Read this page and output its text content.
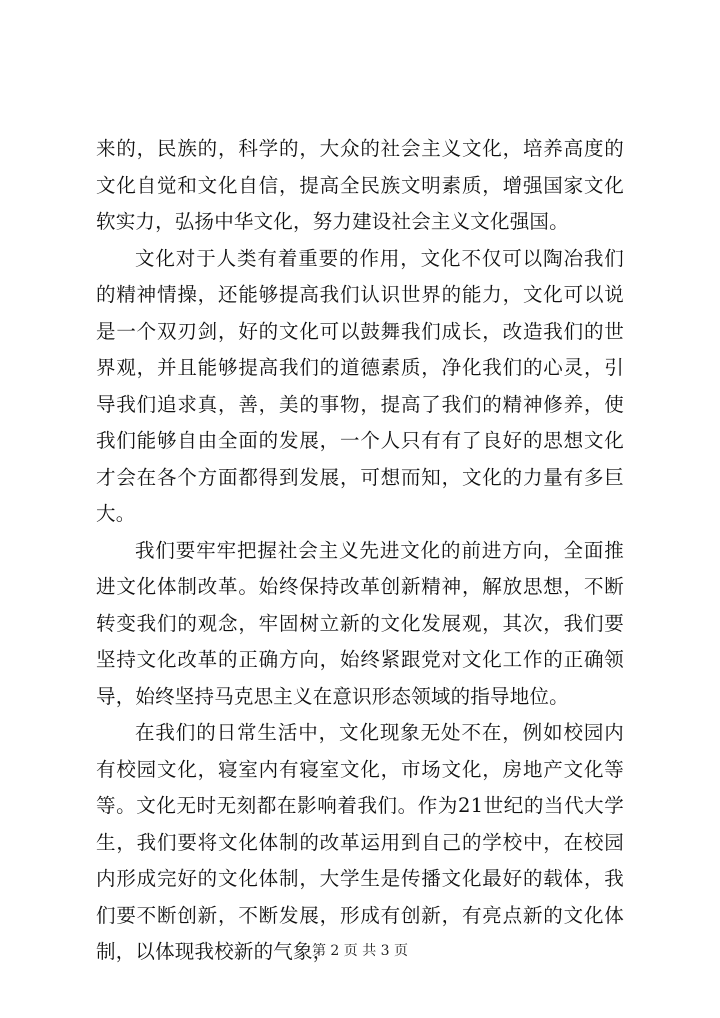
来的，民族的，科学的，大众的社会主义文化，培养高度的文化自觉和文化自信，提高全民族文明素质，增强国家文化软实力，弘扬中华文化，努力建设社会主义文化强国。

文化对于人类有着重要的作用，文化不仅可以陶冶我们的精神情操，还能够提高我们认识世界的能力，文化可以说是一个双刃剑，好的文化可以鼓舞我们成长，改造我们的世界观，并且能够提高我们的道德素质，净化我们的心灵，引导我们追求真，善，美的事物，提高了我们的精神修养，使我们能够自由全面的发展，一个人只有有了良好的思想文化才会在各个方面都得到发展，可想而知，文化的力量有多巨大。

我们要牢牢把握社会主义先进文化的前进方向，全面推进文化体制改革。始终保持改革创新精神，解放思想，不断转变我们的观念，牢固树立新的文化发展观，其次，我们要坚持文化改革的正确方向，始终紧跟党对文化工作的正确领导，始终坚持马克思主义在意识形态领域的指导地位。

在我们的日常生活中，文化现象无处不在，例如校园内有校园文化，寝室内有寝室文化，市场文化，房地产文化等等。文化无时无刻都在影响着我们。作为21世纪的当代大学生，我们要将文化体制的改革运用到自己的学校中，在校园内形成完好的文化体制，大学生是传播文化最好的载体，我们要不断创新，不断发展，形成有创新，有亮点新的文化体制，以体现我校新的气象，

第 2 页 共 3 页
